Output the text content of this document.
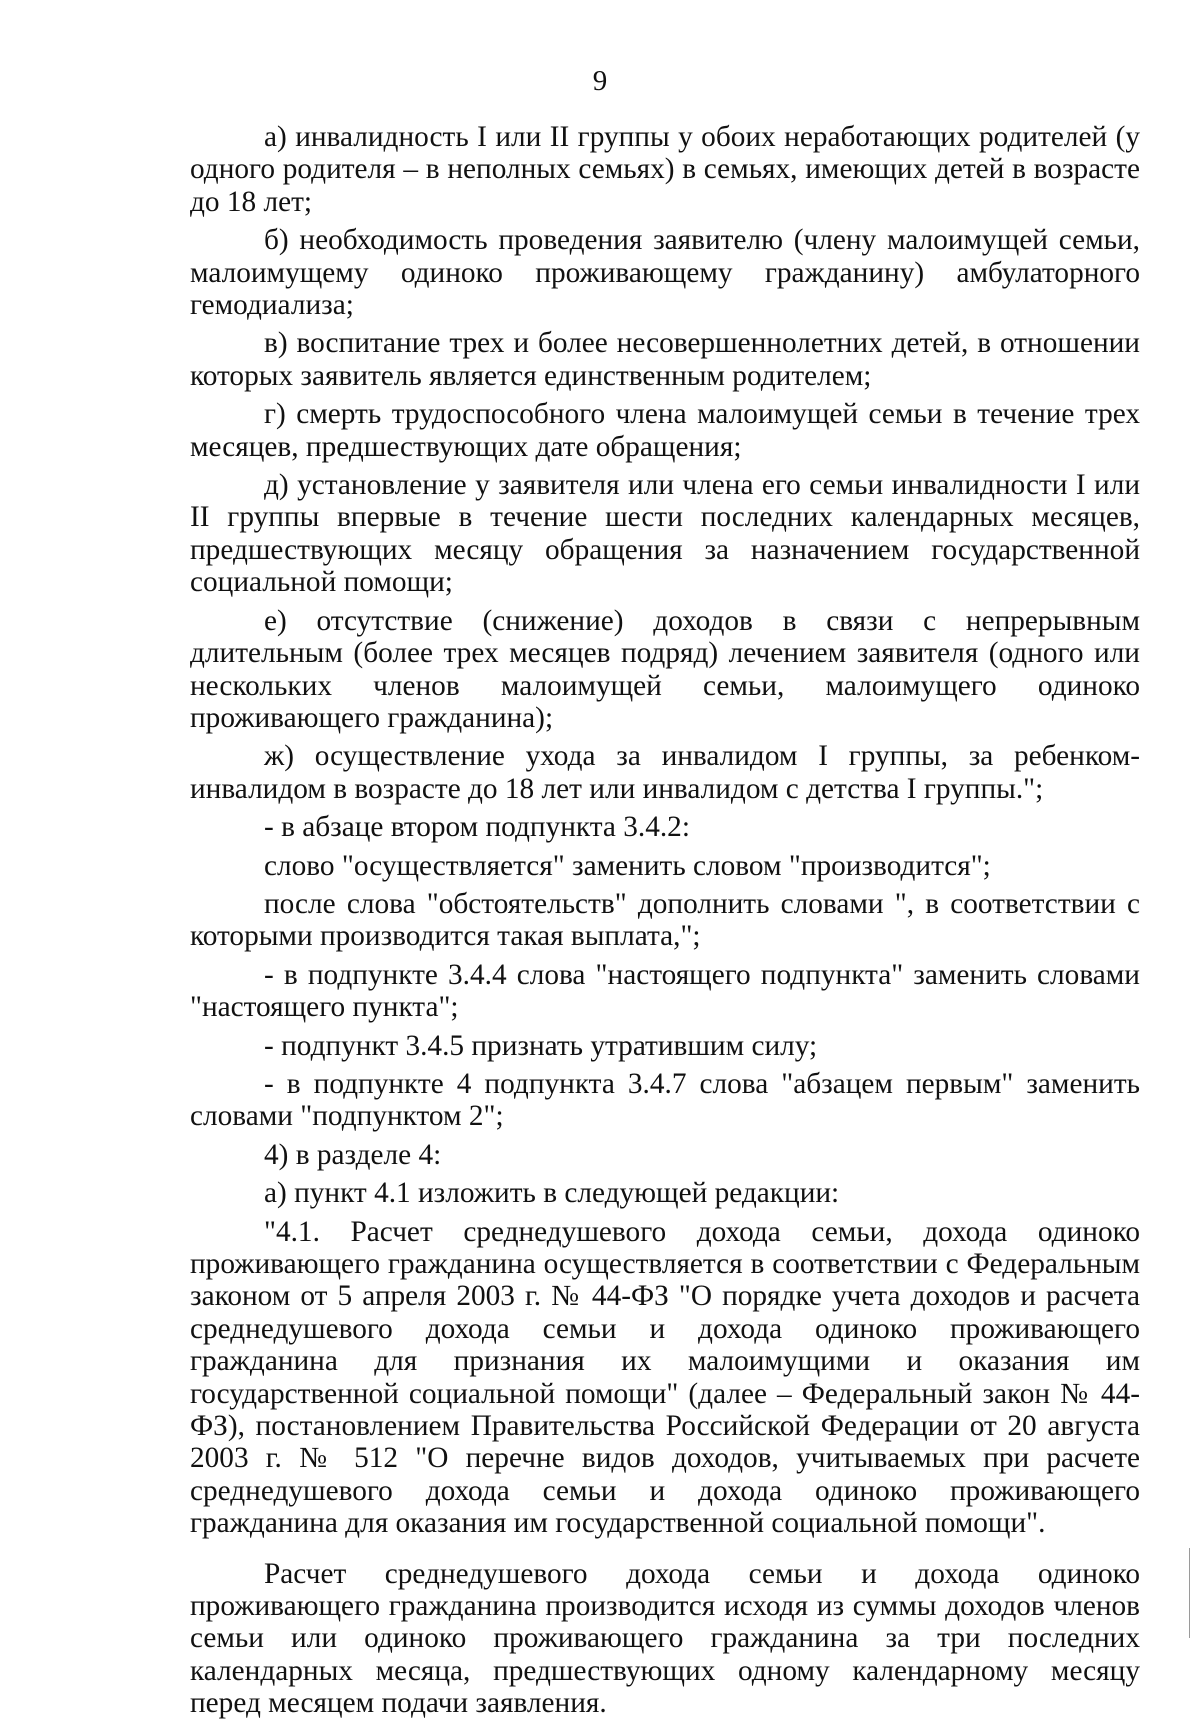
9

а) инвалидность I или II группы у обоих неработающих родителей (у одного родителя – в неполных семьях) в семьях, имеющих детей в возрасте до 18 лет;

б) необходимость проведения заявителю (члену малоимущей семьи, малоимущему одиноко проживающему гражданину) амбулаторного гемодиализа;

в) воспитание трех и более несовершеннолетних детей, в отношении которых заявитель является единственным родителем;

г) смерть трудоспособного члена малоимущей семьи в течение трех месяцев, предшествующих дате обращения;

д) установление у заявителя или члена его семьи инвалидности I или II группы впервые в течение шести последних календарных месяцев, предшествующих месяцу обращения за назначением государственной социальной помощи;

е) отсутствие (снижение) доходов в связи с непрерывным длительным (более трех месяцев подряд) лечением заявителя (одного или нескольких членов малоимущей семьи, малоимущего одиноко проживающего гражданина);

ж) осуществление ухода за инвалидом I группы, за ребенком-инвалидом в возрасте до 18 лет или инвалидом с детства I группы.";

- в абзаце втором подпункта 3.4.2:

слово "осуществляется" заменить словом "производится";

после слова "обстоятельств" дополнить словами ", в соответствии с которыми производится такая выплата,";

- в подпункте 3.4.4 слова "настоящего подпункта" заменить словами "настоящего пункта";

- подпункт 3.4.5 признать утратившим силу;

- в подпункте 4 подпункта 3.4.7 слова "абзацем первым" заменить словами "подпунктом 2";

4) в разделе 4:

а) пункт 4.1 изложить в следующей редакции:

"4.1. Расчет среднедушевого дохода семьи, дохода одиноко проживающего гражданина осуществляется в соответствии с Федеральным законом от 5 апреля 2003 г. № 44-ФЗ "О порядке учета доходов и расчета среднедушевого дохода семьи и дохода одиноко проживающего гражданина для признания их малоимущими и оказания им государственной социальной помощи" (далее – Федеральный закон № 44-ФЗ), постановлением Правительства Российской Федерации от 20 августа 2003 г. № 512 "О перечне видов доходов, учитываемых при расчете среднедушевого дохода семьи и дохода одиноко проживающего гражданина для оказания им государственной социальной помощи".

Расчет среднедушевого дохода семьи и дохода одиноко проживающего гражданина производится исходя из суммы доходов членов семьи или одиноко проживающего гражданина за три последних календарных месяца, предшествующих одному календарному месяцу перед месяцем подачи заявления.
